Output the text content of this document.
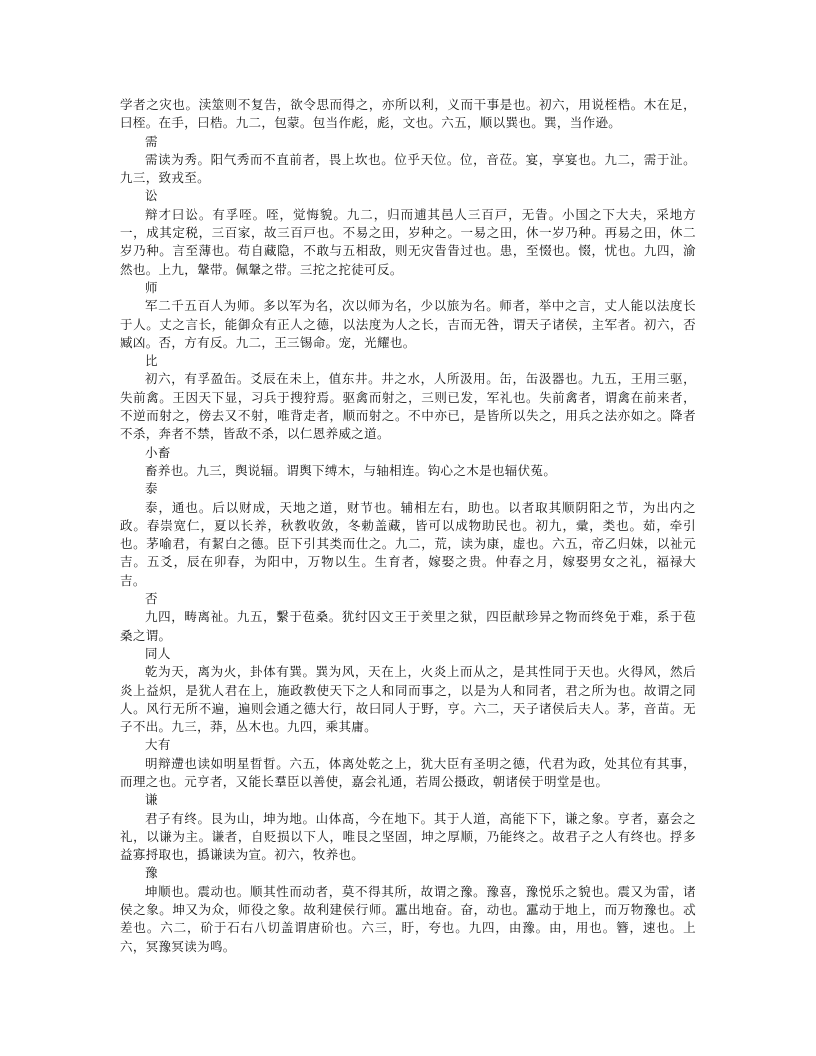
学者之灾也。渎筮则不复告，欲令思而得之，亦所以利，义而干事是也。初六，用说桎梏。木在足，曰桎。在手，曰梏。九二，包蒙。包当作彪，彪，文也。六五，顺以巽也。巽，当作逊。

需

需读为秀。阳气秀而不直前者，畏上坎也。位乎天位。位，音莅。宴，享宴也。九二，需于沚。九三，致戎至。

讼

辩才曰讼。有孚咥。咥，觉悔貌。九二，归而逋其邑人三百戸，无眚。小国之下大夫，采地方一，成其定税，三百家，故三百戸也。不易之田，岁种之。一易之田，休一岁乃种。再易之田，休二岁乃种。言至薄也。苟自藏隐，不敢与五相敌，则无灾眚眚过也。患，至惙也。惙，忧也。九四，渝然也。上九，鞶带。佩鞶之带。三拕之拕徒可反。

师

军二千五百人为师。多以军为名，次以师为名，少以旅为名。师者，举中之言，丈人能以法度长于人。丈之言长，能御众有正人之德，以法度为人之长，吉而无咎，谓天子诸侯，主军者。初六，否臧凶。否，方有反。九二，王三锡命。宠，光耀也。

比

初六，有孚盈缶。爻辰在未上，值东井。井之水，人所汲用。缶，缶汲器也。九五，王用三驱，失前禽。王因天下显，习兵于搜狩焉。驱禽而射之，三则已发，军礼也。失前禽者，谓禽在前来者，不逆而射之，傍去又不射，唯背走者，顺而射之。不中亦已，是皆所以失之，用兵之法亦如之。降者不杀，奔者不禁，皆敌不杀，以仁恩养威之道。

小畜

畜养也。九三，舆说辐。谓舆下缚木，与轴相连。钩心之木是也辐伏菟。

泰

泰，通也。后以财成，天地之道，财节也。辅相左右，助也。以者取其顺阴阳之节，为出内之政。春崇宽仁，夏以长养，秋教收敛，冬勅盖藏，皆可以成物助民也。初九，彚，类也。茹，牵引也。茅喻君，有絜白之德。臣下引其类而仕之。九二，荒，读为康，虚也。六五，帝乙归妹，以祉元吉。五爻，辰在卯春，为阳中，万物以生。生育者，嫁娶之贵。仲春之月，嫁娶男女之礼，福禄大吉。

否

九四，畴离祉。九五，繫于苞桑。犹纣囚文王于羑里之狱，四臣献珍异之物而终免于难，系于苞桑之谓。

同人

乾为天，离为火，卦体有巽。巽为风，天在上，火炎上而从之，是其性同于天也。火得风，然后炎上益炽，是犹人君在上，施政教使天下之人和同而事之，以是为人和同者，君之所为也。故谓之同人。风行无所不遍，遍则会通之德大行，故曰同人于野，亨。六二，天子诸侯后夫人。茅，音苗。无子不出。九三，莽，丛木也。九四，乘其庸。

大有

明辩遰也读如明星晢晢。六五，体离处乾之上，犹大臣有圣明之德，代君为政，处其位有其事，而理之也。元亨者，又能长羣臣以善使，嘉会礼通，若周公摄政，朝诸侯于明堂是也。

谦

君子有终。艮为山，坤为地。山体髙，今在地下。其于人道，高能下下，谦之象。亨者，嘉会之礼，以谦为主。谦者，自贬损以下人，唯艮之坚固，坤之厚顺，乃能终之。故君子之人有终也。捊多益寡捋取也，撝谦读为宣。初六，牧养也。

豫

坤顺也。震动也。顺其性而动者，莫不得其所，故谓之豫。豫喜，豫悦乐之貌也。震又为雷，诸侯之象。坤又为众，师役之象。故利建侯行师。靁出地奋。奋，动也。靁动于地上，而万物豫也。忒差也。六二，砎于石右八切盖谓唐砎也。六三，盱，夸也。九四，由豫。由，用也。簪，速也。上六，冥豫冥读为鸣。
